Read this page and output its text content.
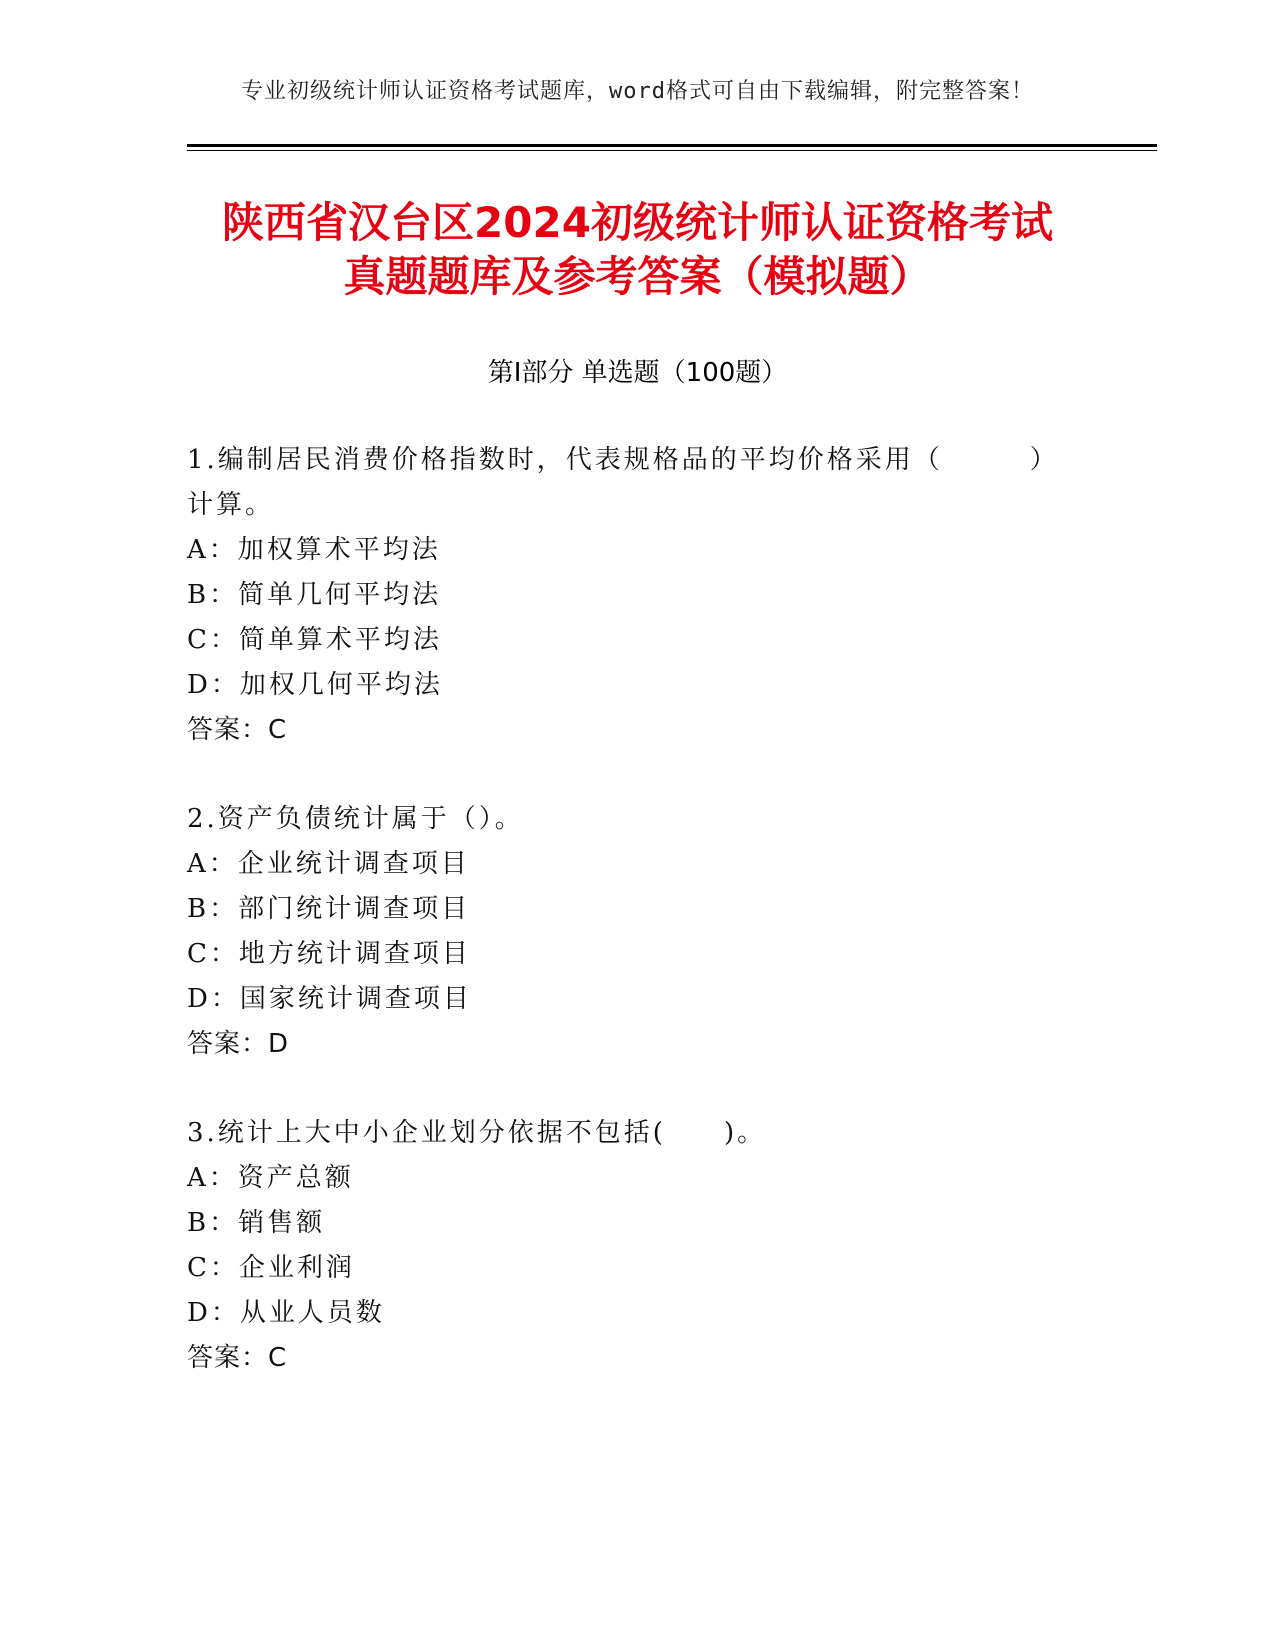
专业初级统计师认证资格考试题库，word格式可自由下载编辑，附完整答案！
陕西省汉台区2024初级统计师认证资格考试
真题题库及参考答案（模拟题）
第Ⅰ部分 单选题（100题）
1.编制居民消费价格指数时，代表规格品的平均价格采用（　　　）
计算。
A：加权算术平均法
B：简单几何平均法
C：简单算术平均法
D：加权几何平均法
答案：C
2.资产负债统计属于（）。
A：企业统计调查项目
B：部门统计调查项目
C：地方统计调查项目
D：国家统计调查项目
答案：D
3.统计上大中小企业划分依据不包括(　　)。
A：资产总额
B：销售额
C：企业利润
D：从业人员数
答案：C
